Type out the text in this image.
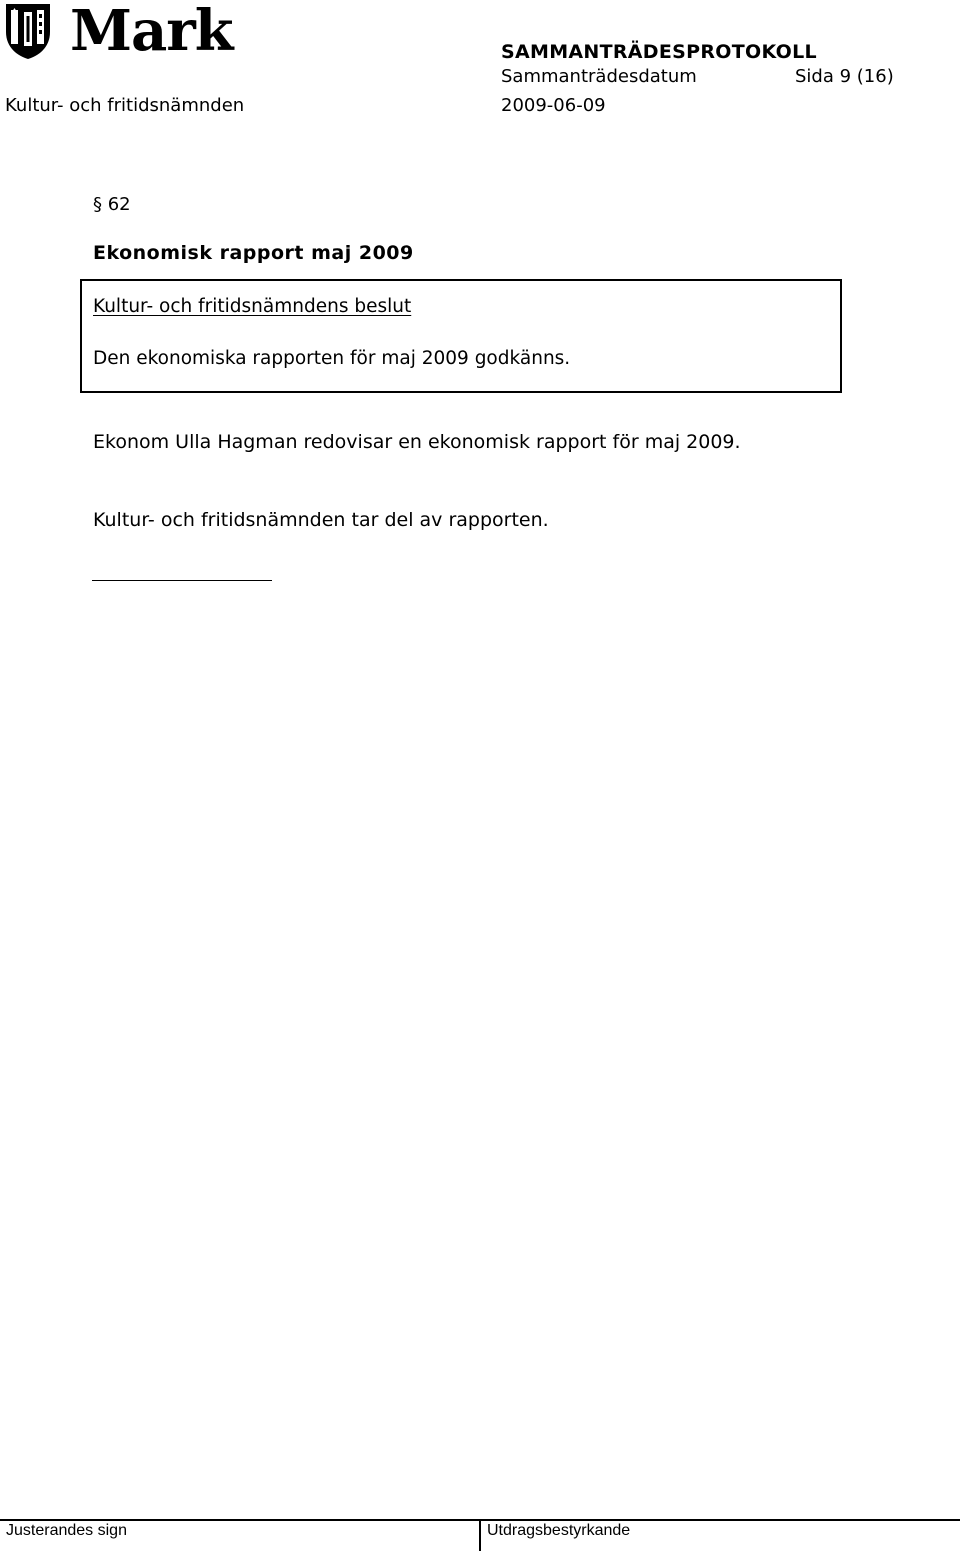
Mark	SAMMANTRÄDESPROTOKOLL
Sammanträdesdatum	Sida 9 (16)
Kultur- och fritidsnämnden	2009-06-09
§ 62
Ekonomisk rapport maj 2009
Kultur- och fritidsnämndens beslut
Den ekonomiska rapporten för maj 2009 godkänns.
Ekonom Ulla Hagman redovisar en ekonomisk rapport för maj 2009.
Kultur- och fritidsnämnden tar del av rapporten.
Justerandes sign	Utdragsbestyrkande
